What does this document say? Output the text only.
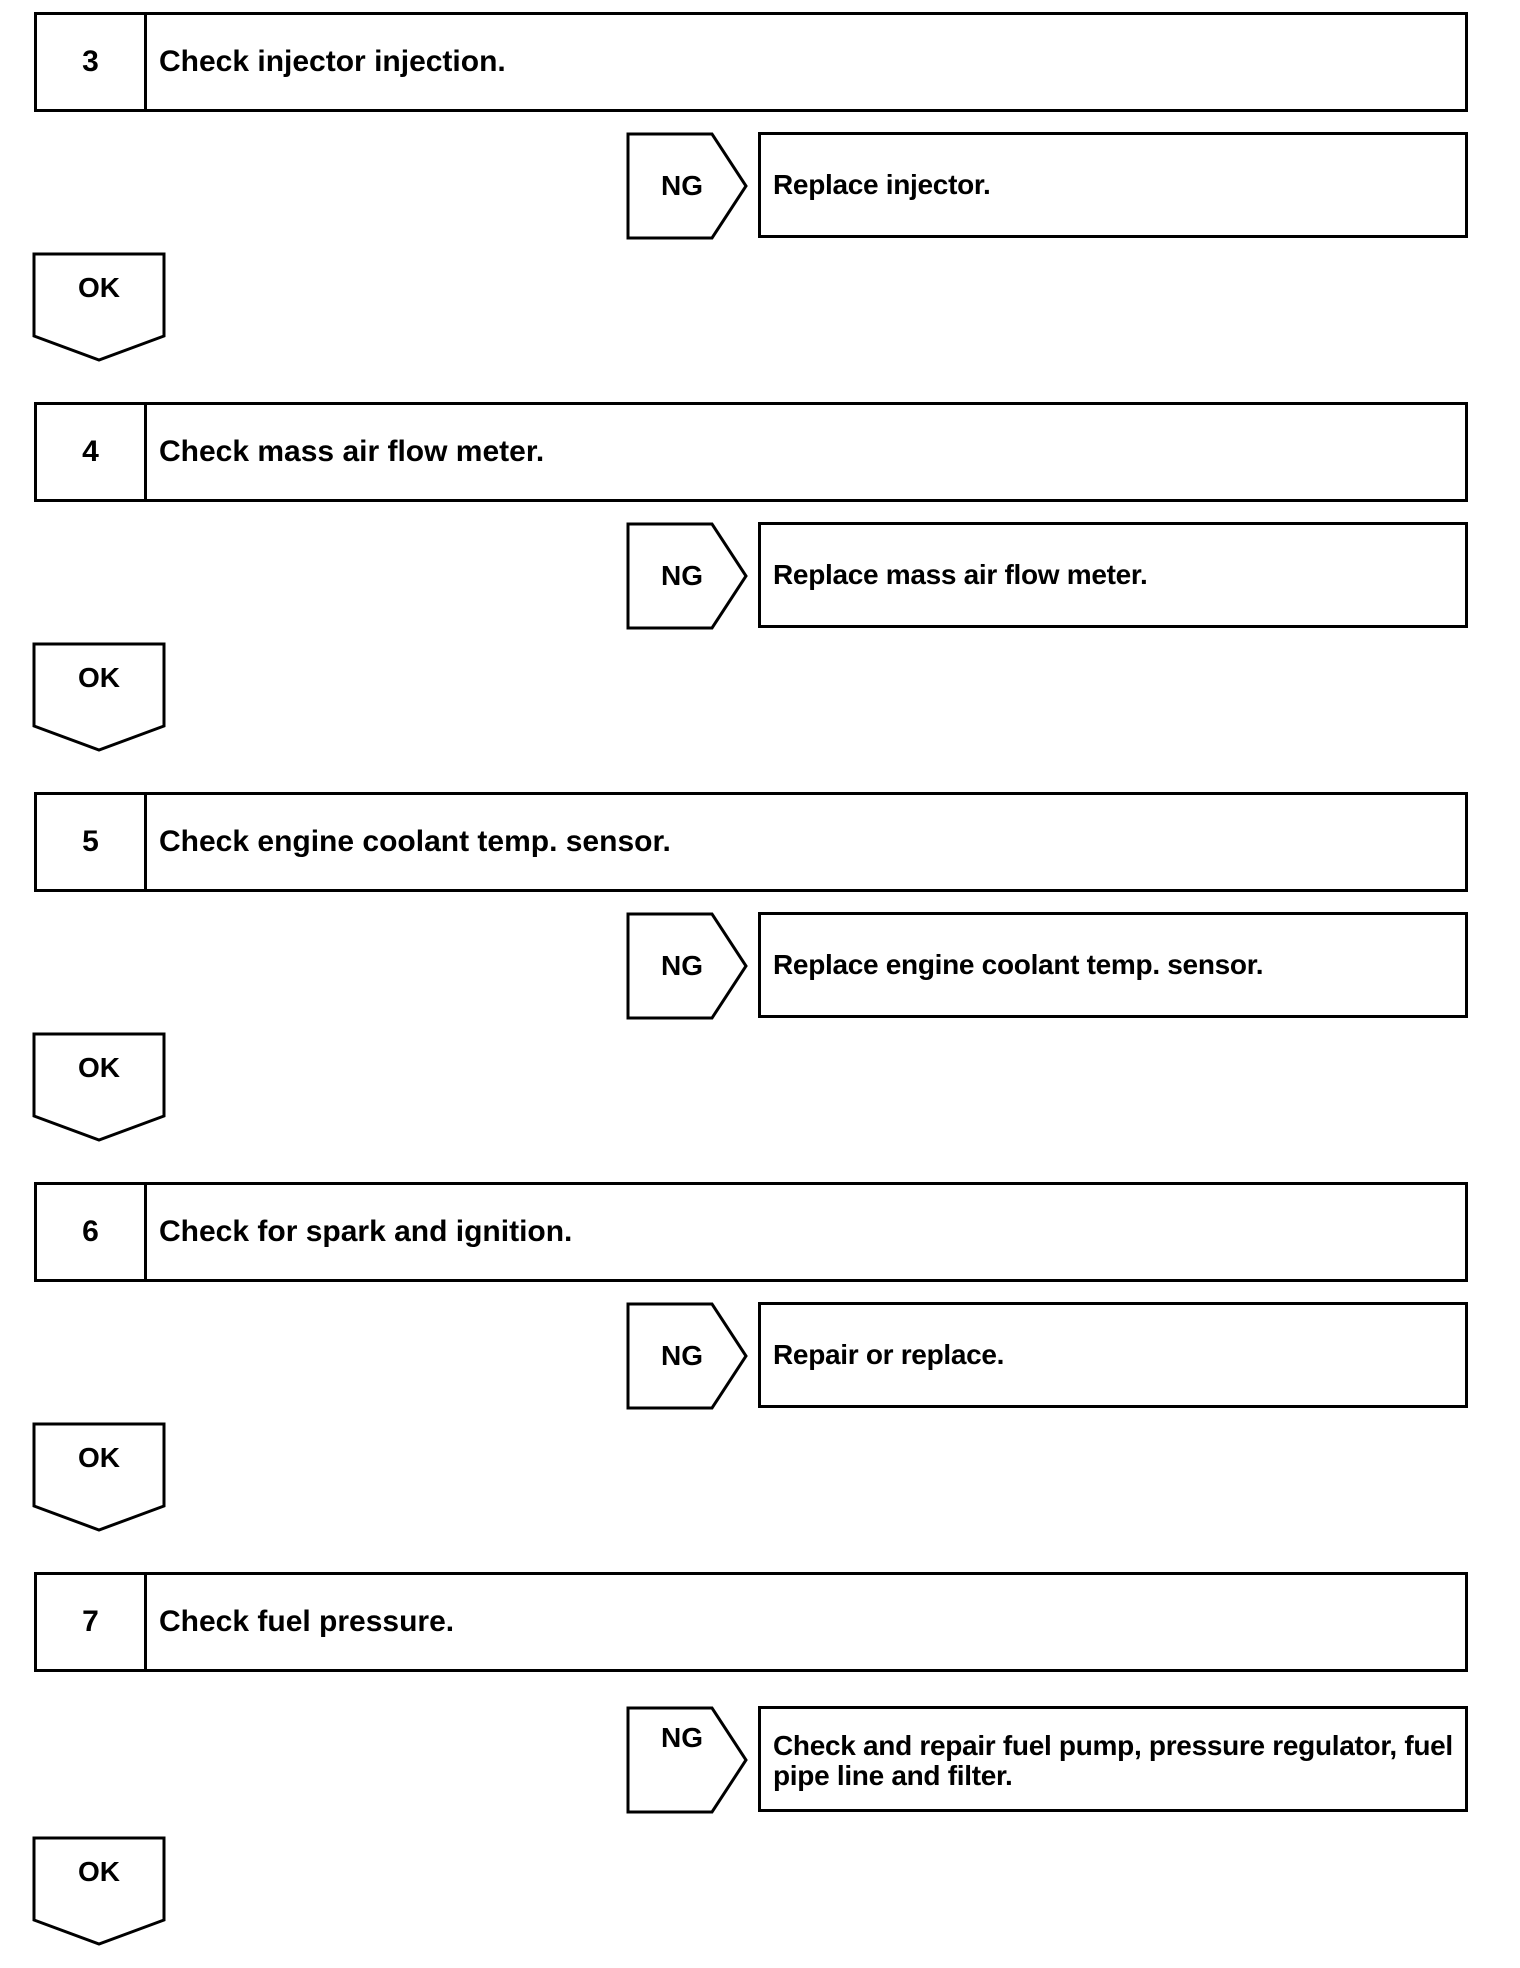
3	Check injector injection.
NG	Replace injector.
OK
4	Check mass air flow meter.
NG	Replace mass air flow meter.
OK
5	Check engine coolant temp. sensor.
NG	Replace engine coolant temp. sensor.
OK
6	Check for spark and ignition.
NG	Repair or replace.
OK
7	Check fuel pressure.
NG	Check and repair fuel pump, pressure regulator, fuel pipe line and filter.
OK
